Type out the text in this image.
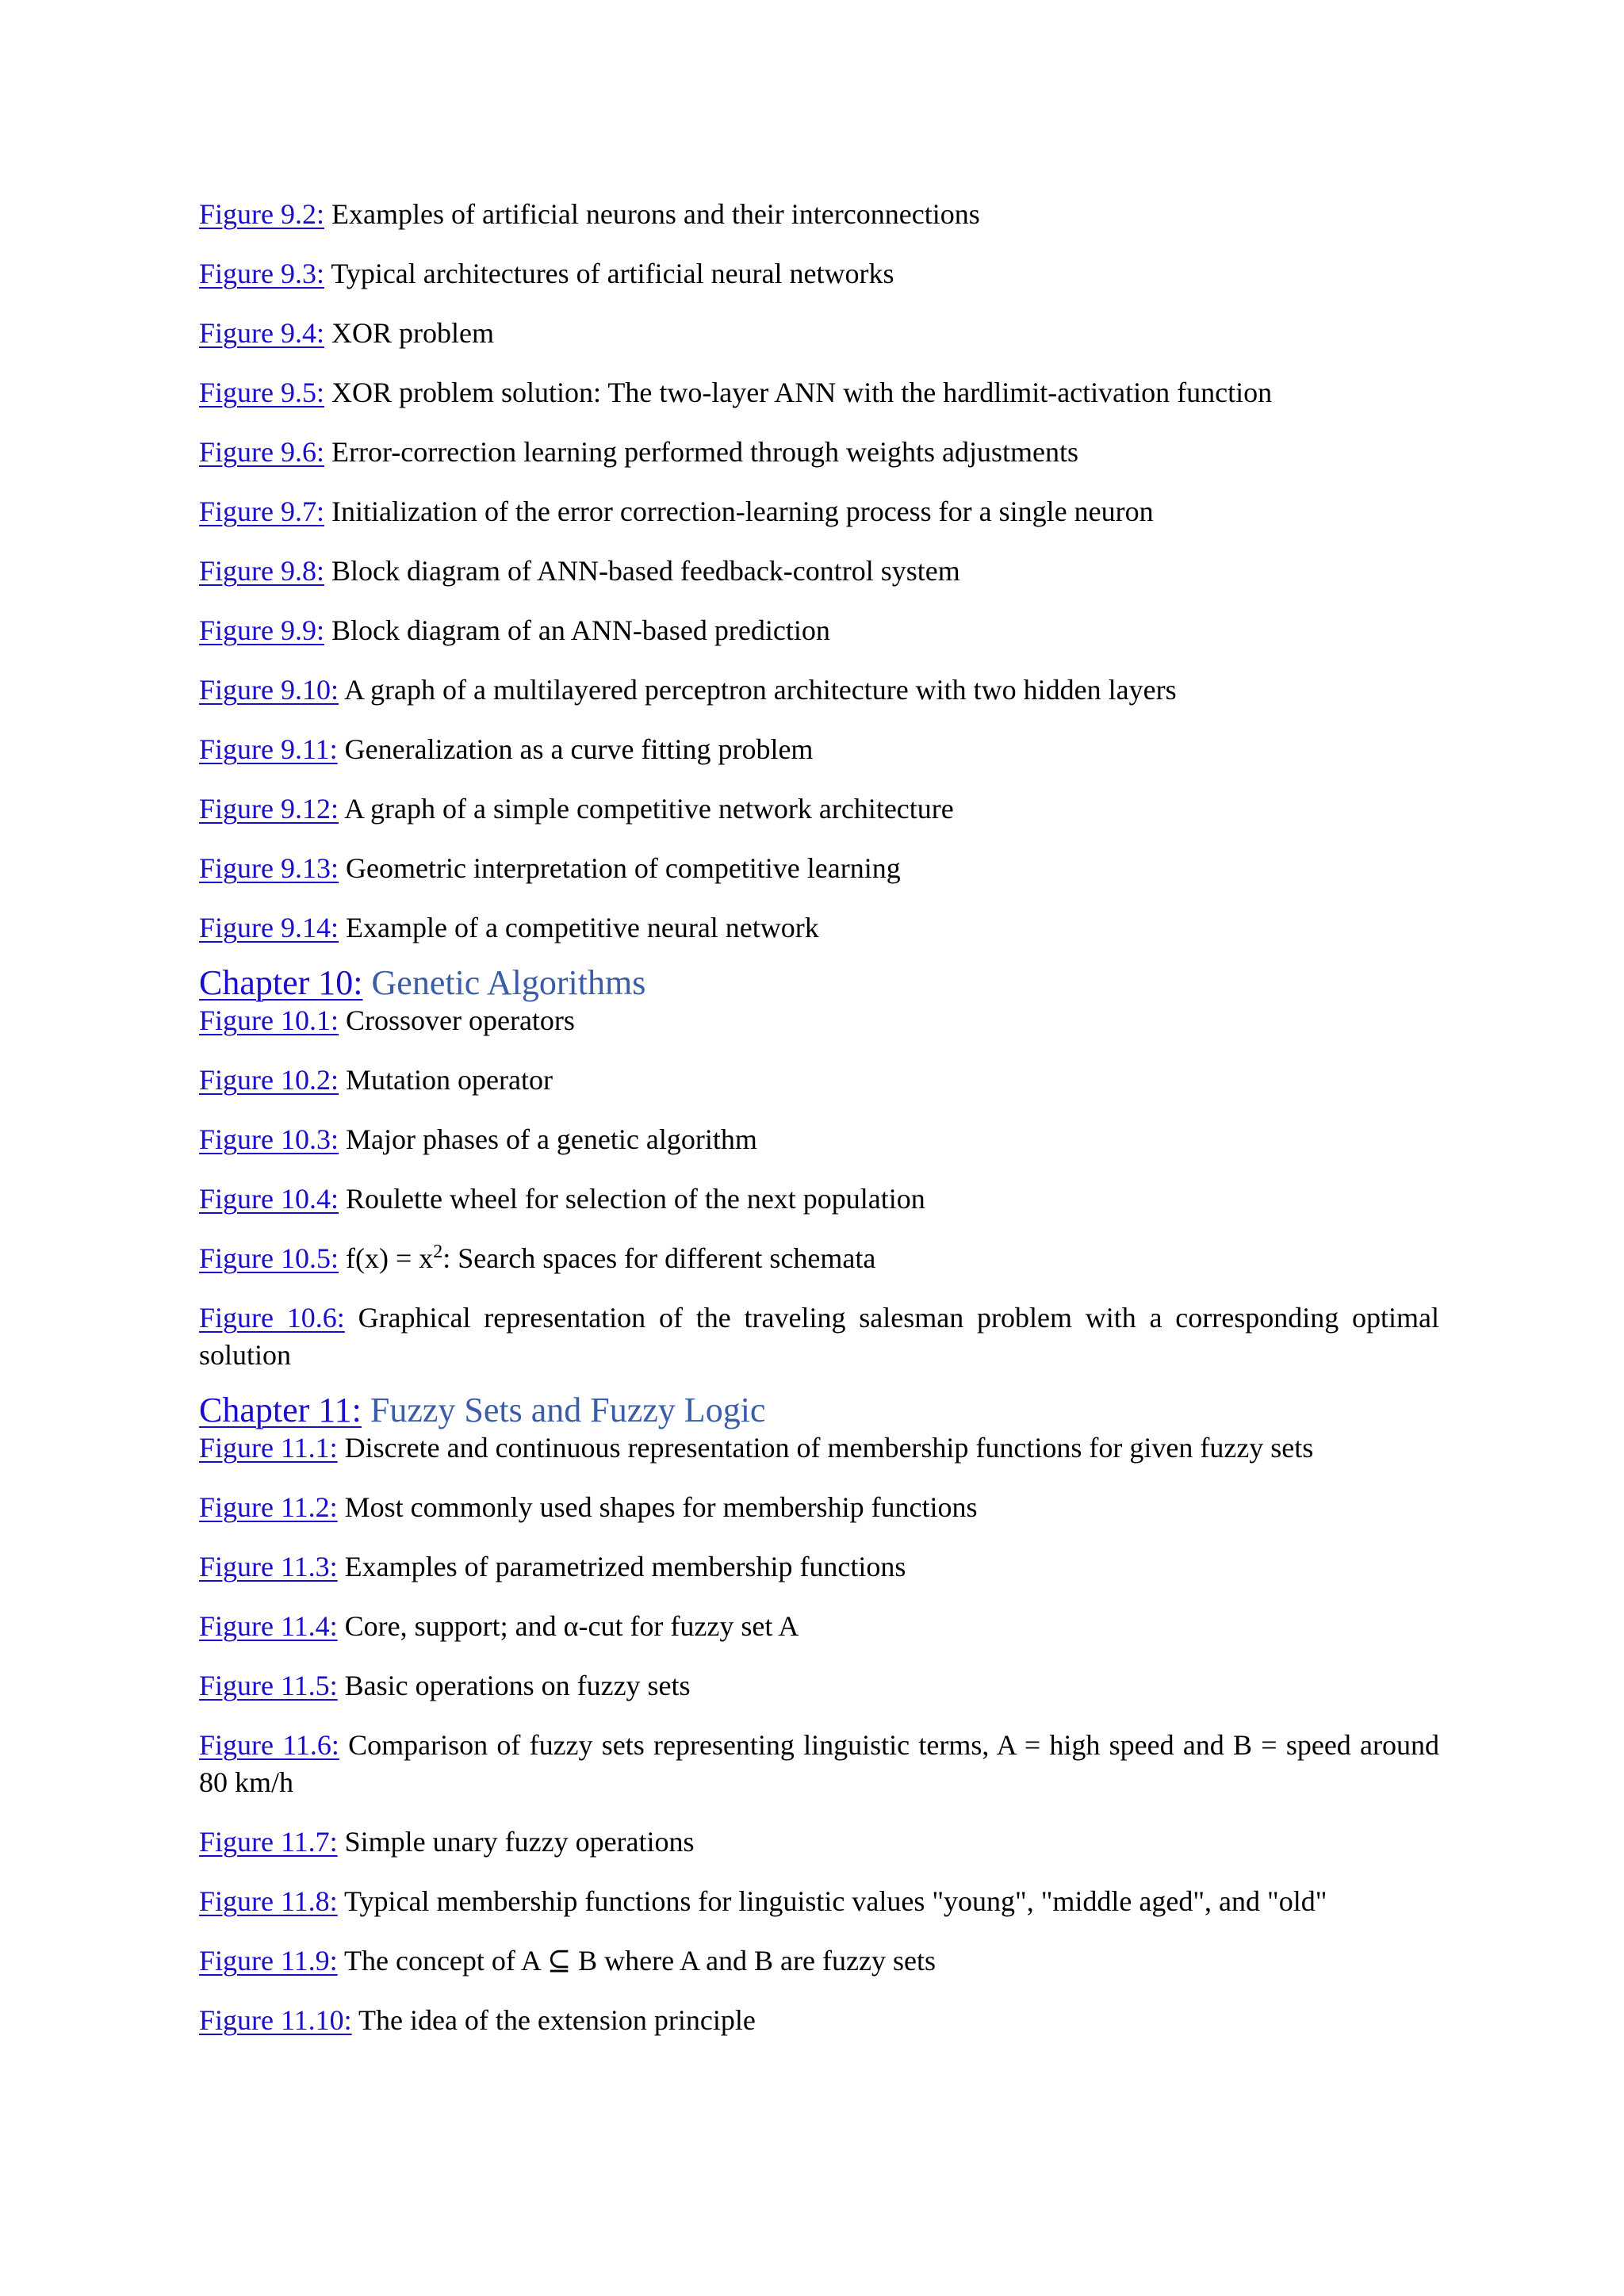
Figure 9.2: Examples of artificial neurons and their interconnections
Figure 9.3: Typical architectures of artificial neural networks
Figure 9.4: XOR problem
Figure 9.5: XOR problem solution: The two-layer ANN with the hardlimit-activation function
Figure 9.6: Error-correction learning performed through weights adjustments
Figure 9.7: Initialization of the error correction-learning process for a single neuron
Figure 9.8: Block diagram of ANN-based feedback-control system
Figure 9.9: Block diagram of an ANN-based prediction
Figure 9.10: A graph of a multilayered perceptron architecture with two hidden layers
Figure 9.11: Generalization as a curve fitting problem
Figure 9.12: A graph of a simple competitive network architecture
Figure 9.13: Geometric interpretation of competitive learning
Figure 9.14: Example of a competitive neural network
Chapter 10: Genetic Algorithms
Figure 10.1: Crossover operators
Figure 10.2: Mutation operator
Figure 10.3: Major phases of a genetic algorithm
Figure 10.4: Roulette wheel for selection of the next population
Figure 10.5: $f(x) = x^2$: Search spaces for different schemata
Figure 10.6: Graphical representation of the traveling salesman problem with a corresponding optimal solution
Chapter 11: Fuzzy Sets and Fuzzy Logic
Figure 11.1: Discrete and continuous representation of membership functions for given fuzzy sets
Figure 11.2: Most commonly used shapes for membership functions
Figure 11.3: Examples of parametrized membership functions
Figure 11.4: Core, support; and α-cut for fuzzy set A
Figure 11.5: Basic operations on fuzzy sets
Figure 11.6: Comparison of fuzzy sets representing linguistic terms, A = high speed and B = speed around 80 km/h
Figure 11.7: Simple unary fuzzy operations
Figure 11.8: Typical membership functions for linguistic values "young", "middle aged", and "old"
Figure 11.9: The concept of A ⊆ B where A and B are fuzzy sets
Figure 11.10: The idea of the extension principle
